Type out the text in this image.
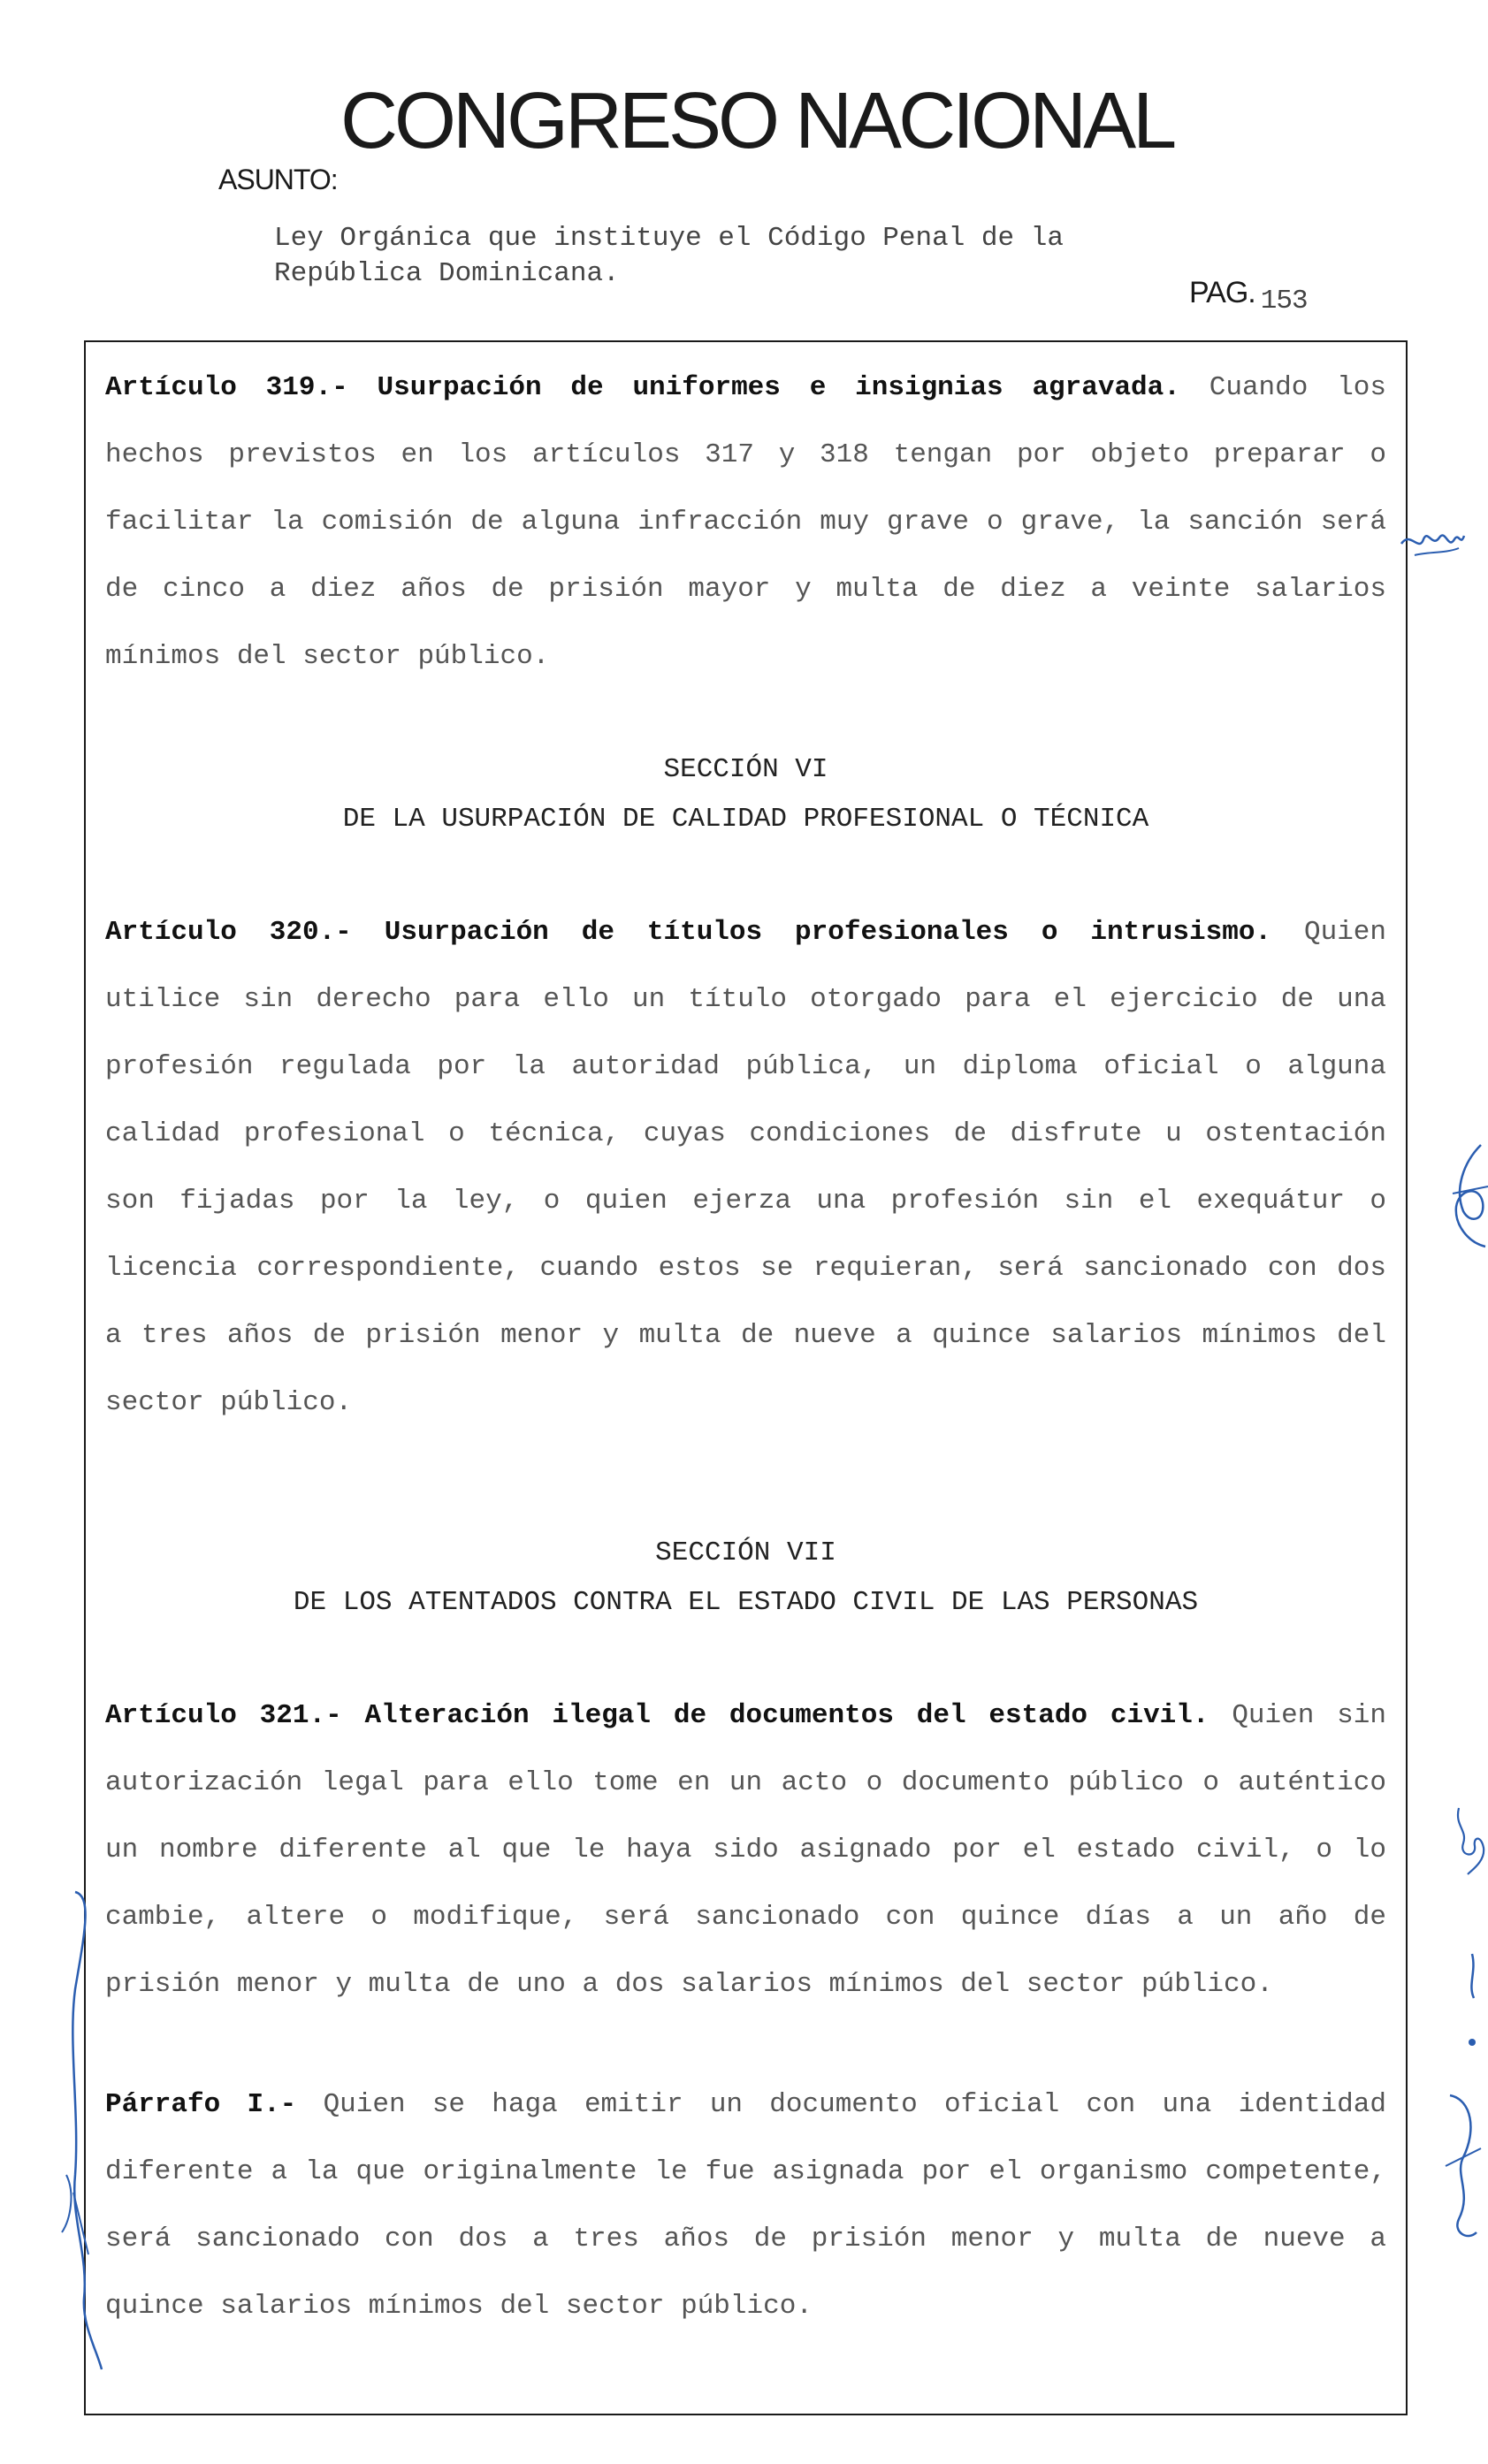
CONGRESO NACIONAL
ASUNTO:
Ley Orgánica que instituye el Código Penal de la
República Dominicana.
PAG. 153

Artículo 319.- Usurpación de uniformes e insignias agravada. Cuando los hechos previstos en los artículos 317 y 318 tengan por objeto preparar o facilitar la comisión de alguna infracción muy grave o grave, la sanción será de cinco a diez años de prisión mayor y multa de diez a veinte salarios mínimos del sector público.

SECCIÓN VI
DE LA USURPACIÓN DE CALIDAD PROFESIONAL O TÉCNICA

Artículo 320.- Usurpación de títulos profesionales o intrusismo. Quien utilice sin derecho para ello un título otorgado para el ejercicio de una profesión regulada por la autoridad pública, un diploma oficial o alguna calidad profesional o técnica, cuyas condiciones de disfrute u ostentación son fijadas por la ley, o quien ejerza una profesión sin el exequátur o licencia correspondiente, cuando estos se requieran, será sancionado con dos a tres años de prisión menor y multa de nueve a quince salarios mínimos del sector público.

SECCIÓN VII
DE LOS ATENTADOS CONTRA EL ESTADO CIVIL DE LAS PERSONAS

Artículo 321.- Alteración ilegal de documentos del estado civil. Quien sin autorización legal para ello tome en un acto o documento público o auténtico un nombre diferente al que le haya sido asignado por el estado civil, o lo cambie, altere o modifique, será sancionado con quince días a un año de prisión menor y multa de uno a dos salarios mínimos del sector público.

Párrafo I.- Quien se haga emitir un documento oficial con una identidad diferente a la que originalmente le fue asignada por el organismo competente, será sancionado con dos a tres años de prisión menor y multa de nueve a quince salarios mínimos del sector público.
